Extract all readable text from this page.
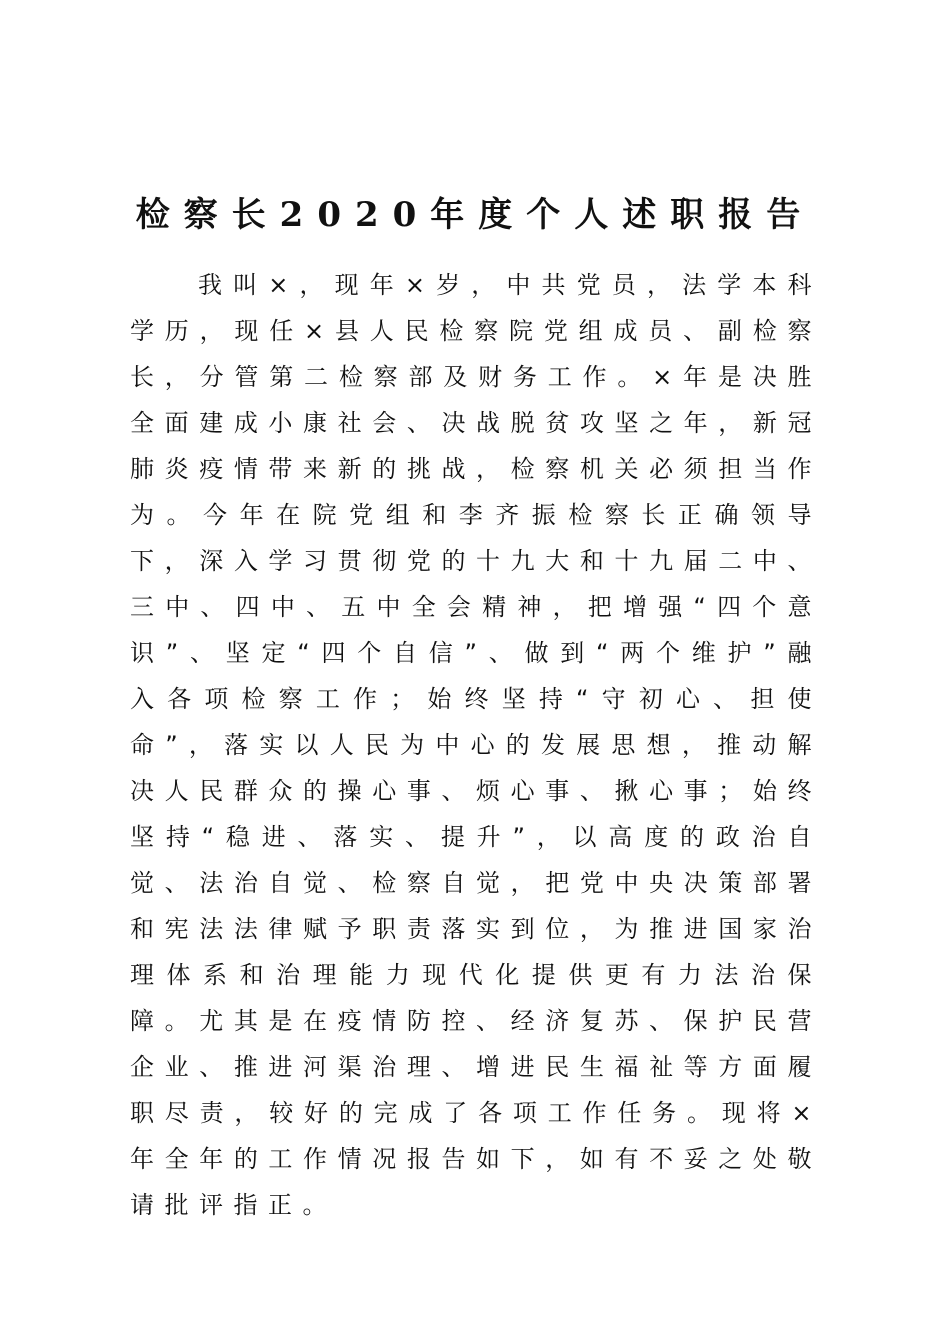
检察长2020年度个人述职报告

我叫×，现年×岁，中共党员，法学本科学历，现任×县人民检察院党组成员、副检察长，分管第二检察部及财务工作。×年是决胜全面建成小康社会、决战脱贫攻坚之年，新冠肺炎疫情带来新的挑战，检察机关必须担当作为。今年在院党组和李齐振检察长正确领导下，深入学习贯彻党的十九大和十九届二中、三中、四中、五中全会精神，把增强“四个意识”、坚定“四个自信”、做到“两个维护”融入各项检察工作；始终坚持“守初心、担使命”，落实以人民为中心的发展思想，推动解决人民群众的操心事、烦心事、揪心事；始终坚持“稳进、落实、提升”，以高度的政治自觉、法治自觉、检察自觉，把党中央决策部署和宪法法律赋予职责落实到位，为推进国家治理体系和治理能力现代化提供更有力法治保障。尤其是在疫情防控、经济复苏、保护民营企业、推进河渠治理、增进民生福祉等方面履职尽责，较好的完成了各项工作任务。现将×年全年的工作情况报告如下，如有不妥之处敬请批评指正。
